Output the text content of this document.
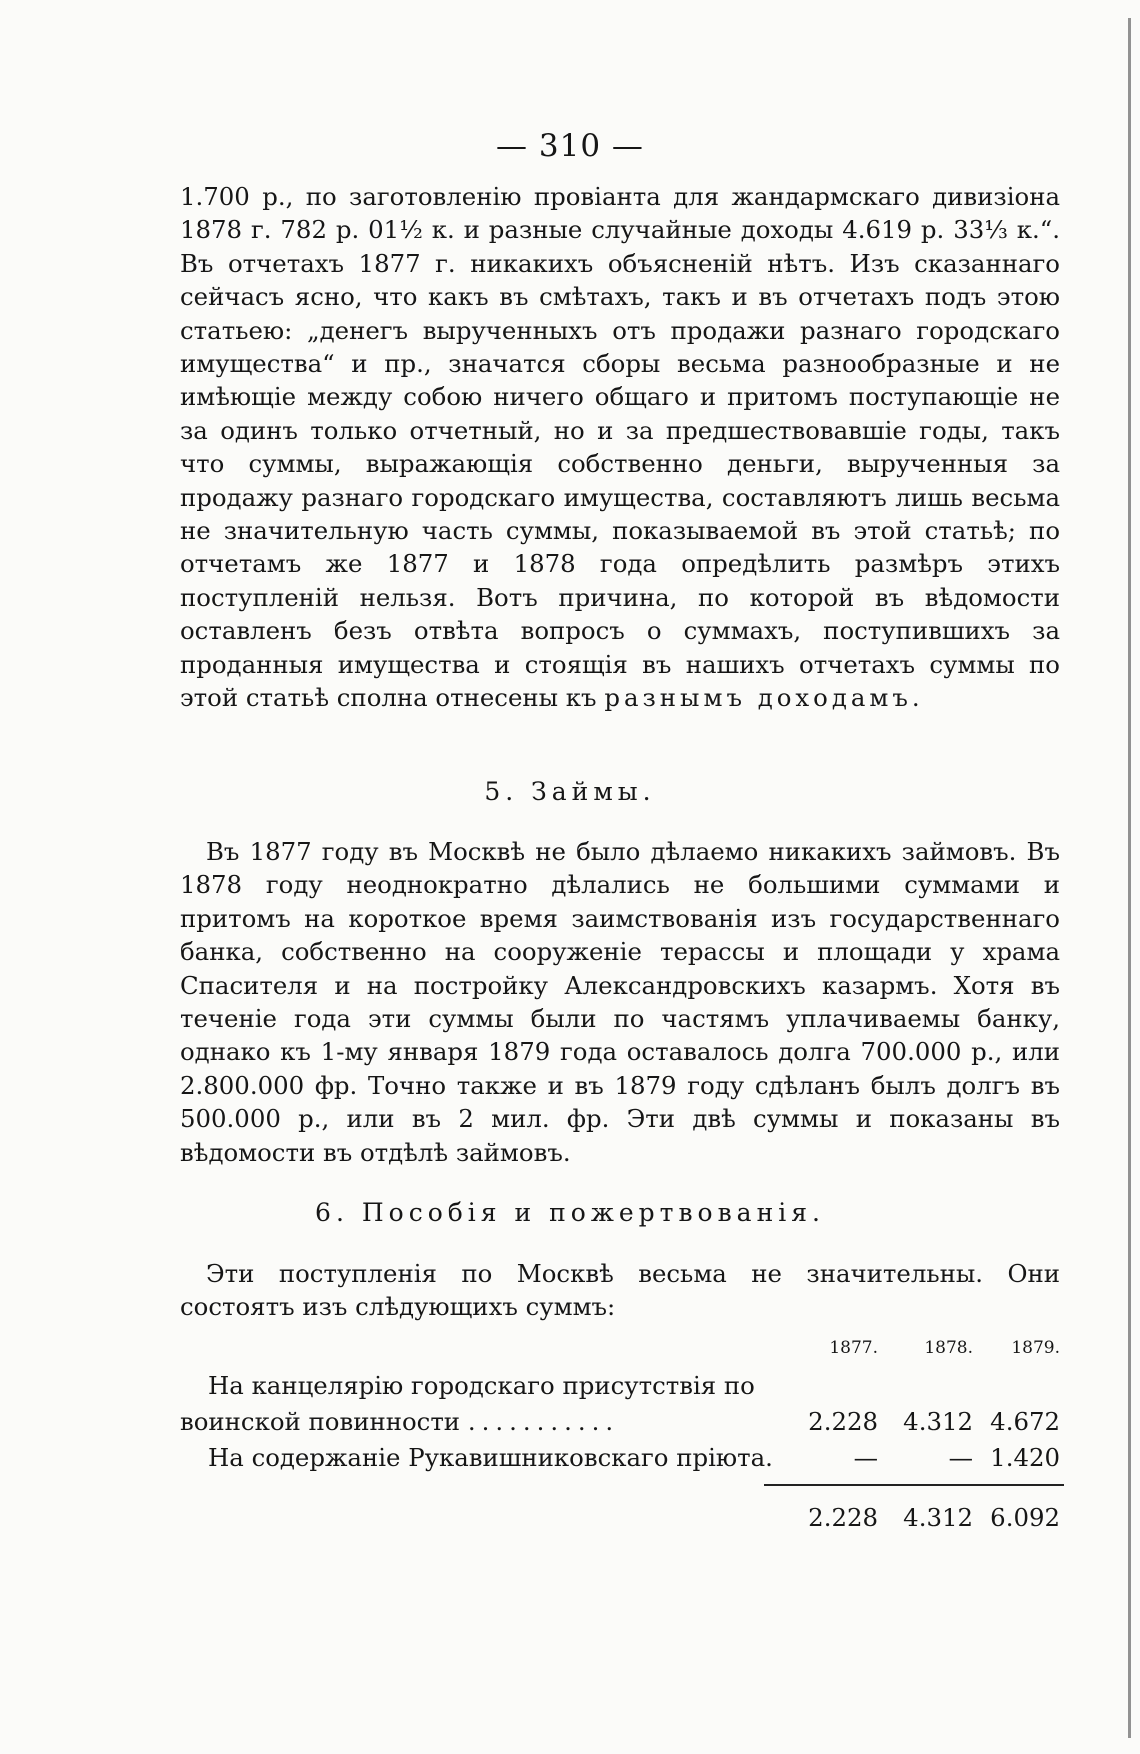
— 310 —

1.700 р., по заготовленію провіанта для жандармскаго дивизіона 1878 г. 782 р. 01½ к. и разные случайные доходы 4.619 р. 33⅓ к.“. Въ отчетахъ 1877 г. никакихъ объясненій нѣтъ. Изъ сказаннаго сейчасъ ясно, что какъ въ смѣтахъ, такъ и въ отчетахъ подъ этою статьею: „денегъ вырученныхъ отъ продажи разнаго городскаго имущества“ и пр., значатся сборы весьма разнообразные и не имѣющіе между собою ничего общаго и притомъ поступающіе не за одинъ только отчетный, но и за предшествовавшіе годы, такъ что суммы, выражающія собственно деньги, вырученныя за продажу разнаго городскаго имущества, составляютъ лишь весьма не значительную часть суммы, показываемой въ этой статьѣ; по отчетамъ же 1877 и 1878 года опредѣлить размѣръ этихъ поступленій нельзя. Вотъ причина, по которой въ вѣдомости оставленъ безъ отвѣта вопросъ о суммахъ, поступившихъ за проданныя имущества и стоящія въ нашихъ отчетахъ суммы по этой статьѣ сполна отнесены къ разнымъ доходамъ.

5. Займы.

Въ 1877 году въ Москвѣ не было дѣлаемо никакихъ займовъ. Въ 1878 году неоднократно дѣлались не большими суммами и притомъ на короткое время заимствованія изъ государственнаго банка, собственно на сооруженіе терассы и площади у храма Спасителя и на постройку Александровскихъ казармъ. Хотя въ теченіе года эти суммы были по частямъ уплачиваемы банку, однако къ 1-му января 1879 года оставалось долга 700.000 р., или 2.800.000 фр. Точно также и въ 1879 году сдѣланъ былъ долгъ въ 500.000 р., или въ 2 мил. фр. Эти двѣ суммы и показаны въ вѣдомости въ отдѣлѣ займовъ.

6. Пособія и пожертвованія.

Эти поступленія по Москвѣ весьма не значительны. Они состоятъ изъ слѣдующихъ суммъ:

1877.	1878.	1879.
На канцелярію городскаго присутствія по
воинской повинности ...........	2.228	4.312 4.672
На содержаніе Рукавишниковскаго пріюта.	—	— 1.420
2.228	4.312 6.092
